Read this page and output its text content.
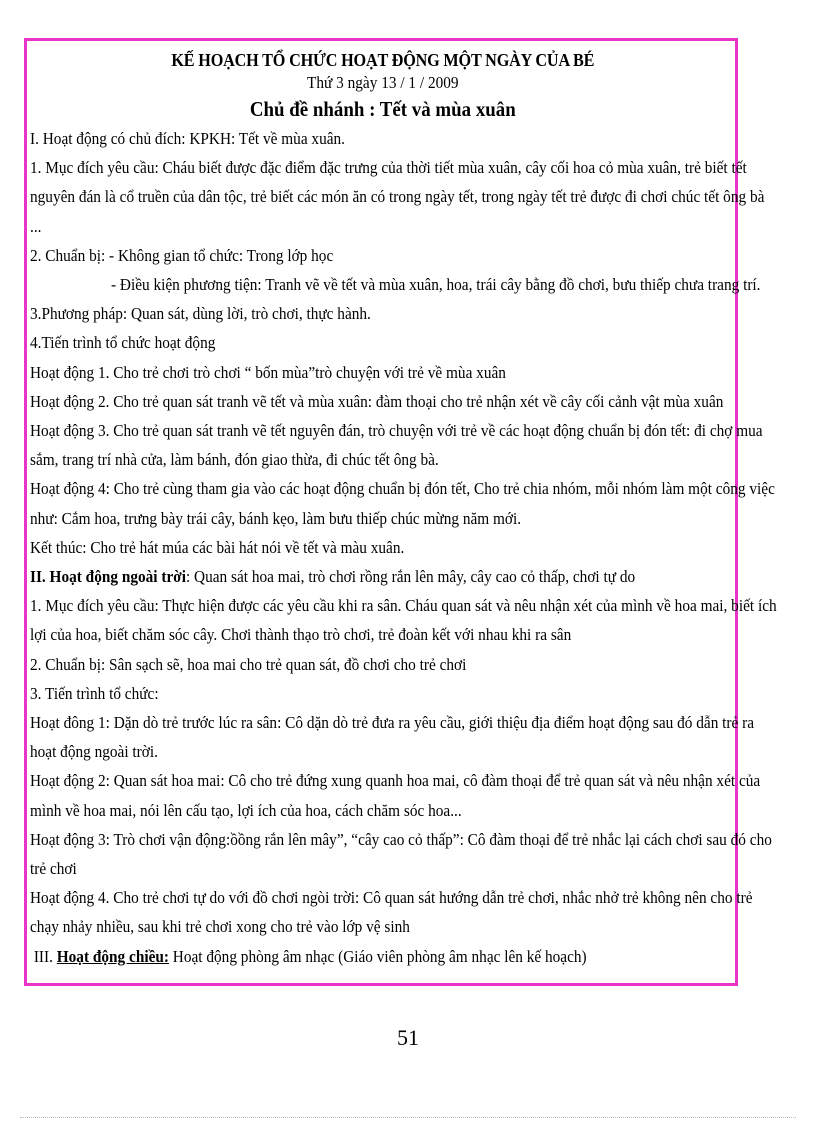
KẾ HOẠCH TỔ CHỨC HOẠT ĐỘNG MỘT NGÀY CỦA BÉ
Thứ 3 ngày 13 / 1 / 2009
Chủ đề nhánh : Tết và mùa xuân
I. Hoạt động có chủ đích: KPKH: Tết về mùa xuân.
1. Mục đích yêu cầu: Cháu biết được đặc điểm đặc trưng của thời tiết mùa xuân, cây cối hoa cỏ mùa xuân, trẻ biết tết
nguyên đán là cổ truền của dân tộc, trẻ biết các món ăn có trong ngày tết, trong ngày tết trẻ được đi chơi chúc tết ông bà
...
2. Chuẩn bị: - Không gian tổ chức: Trong lớp học
- Điều kiện phương tiện: Tranh vẽ về tết và mùa xuân, hoa, trái cây bằng đồ chơi, bưu thiếp chưa trang trí.
3.Phương pháp: Quan sát, dùng lời, trò chơi, thực hành.
4.Tiến trình tổ chức hoạt động
Hoạt động 1. Cho trẻ chơi trò chơi “ bốn mùa”trò chuyện với trẻ về mùa xuân
Hoạt động 2. Cho trẻ quan sát tranh vẽ tết và mùa xuân: đàm thoại cho trẻ nhận xét về cây cối cảnh vật mùa xuân
Hoạt động 3. Cho trẻ quan sát tranh vẽ tết nguyên đán, trò chuyện với trẻ về các hoạt động chuẩn bị đón tết: đi chợ mua
sắm, trang trí nhà cửa, làm bánh, đón giao thừa, đi chúc tết ông bà.
Hoạt động 4: Cho trẻ cùng tham gia vào các hoạt động chuẩn bị đón tết, Cho trẻ chia nhóm, mỗi nhóm làm một công việc
như: Cắm hoa, trưng bày trái cây, bánh kẹo, làm bưu thiếp chúc mừng năm mới.
Kết thúc: Cho trẻ hát múa các bài hát nói về tết và màu xuân.
II. Hoạt động ngoài trời: Quan sát hoa mai, trò chơi rồng rắn lên mây, cây cao cỏ thấp, chơi tự do
1. Mục đích yêu cầu: Thực hiện được các yêu cầu khi ra sân. Cháu quan sát và nêu nhận xét của mình về hoa mai, biết ích
lợi của hoa, biết chăm sóc cây. Chơi thành thạo trò chơi, trẻ đoàn kết với nhau khi ra sân
2. Chuẩn bị: Sân sạch sẽ, hoa mai cho trẻ quan sát, đồ chơi cho trẻ chơi
3. Tiến trình tổ chức:
Hoạt đông 1: Dặn dò trẻ trước lúc ra sân: Cô dặn dò trẻ đưa ra yêu cầu, giới thiệu địa điểm hoạt động sau đó dẫn trẻ ra
hoạt động ngoài trời.
Hoạt động 2: Quan sát hoa mai: Cô cho trẻ đứng xung quanh hoa mai, cô đàm thoại để trẻ quan sát và nêu nhận xét của
mình về hoa mai, nói lên cấu tạo, lợi ích của hoa, cách chăm sóc hoa...
Hoạt động 3: Trò chơi vận động:ồồng rắn lên mây”, “cây cao cỏ thấp”: Cô đàm thoại để trẻ nhắc lại cách chơi sau đó cho
trẻ chơi
Hoạt động 4. Cho trẻ chơi tự do với đồ chơi ngòi trời: Cô quan sát hướng dẫn trẻ chơi, nhắc nhở trẻ không nên cho trẻ
chạy nhảy nhiều, sau khi trẻ chơi xong cho trẻ vào lớp vệ sinh
III. Hoạt động chiều: Hoạt động phòng âm nhạc (Giáo viên phòng âm nhạc lên kế hoạch)
51
